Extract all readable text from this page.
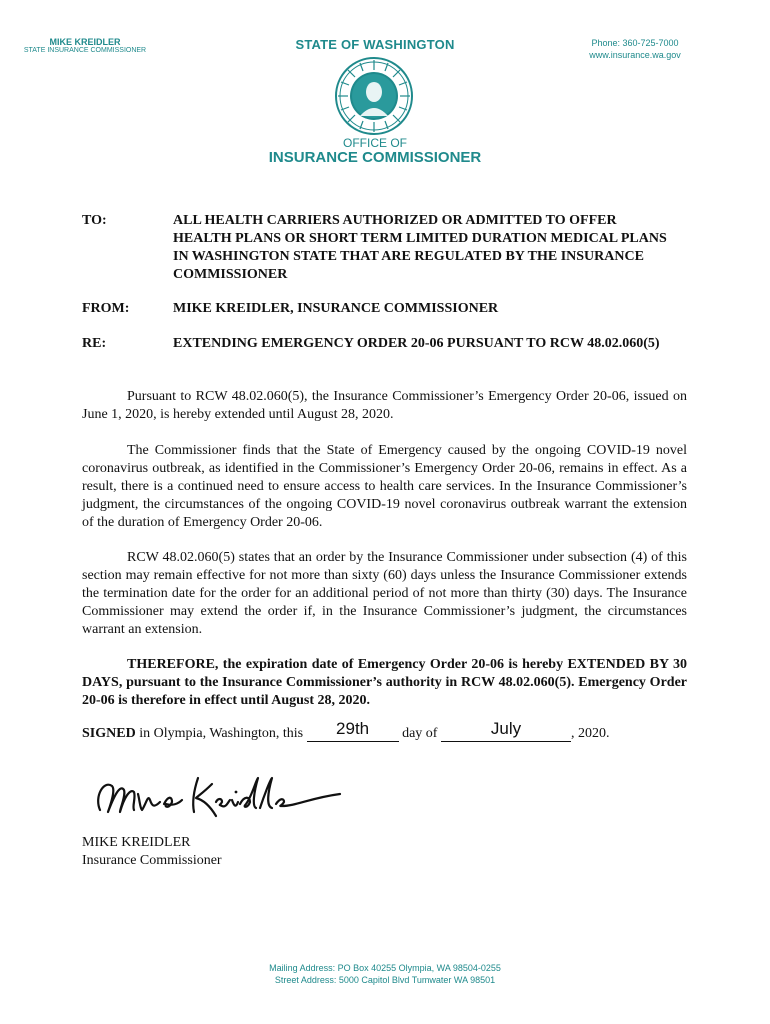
MIKE KREIDLER
STATE INSURANCE COMMISSIONER	STATE OF WASHINGTON	Phone: 360-725-7000
www.insurance.wa.gov
OFFICE OF
INSURANCE COMMISSIONER
TO:	ALL HEALTH CARRIERS AUTHORIZED OR ADMITTED TO OFFER HEALTH PLANS OR SHORT TERM LIMITED DURATION MEDICAL PLANS IN WASHINGTON STATE THAT ARE REGULATED BY THE INSURANCE COMMISSIONER
FROM:	MIKE KREIDLER, INSURANCE COMMISSIONER
RE:	EXTENDING EMERGENCY ORDER 20-06 PURSUANT TO RCW 48.02.060(5)

Pursuant to RCW 48.02.060(5), the Insurance Commissioner’s Emergency Order 20-06, issued on June 1, 2020, is hereby extended until August 28, 2020.

The Commissioner finds that the State of Emergency caused by the ongoing COVID-19 novel coronavirus outbreak, as identified in the Commissioner’s Emergency Order 20-06, remains in effect. As a result, there is a continued need to ensure access to health care services. In the Insurance Commissioner’s judgment, the circumstances of the ongoing COVID-19 novel coronavirus outbreak warrant the extension of the duration of Emergency Order 20-06.

RCW 48.02.060(5) states that an order by the Insurance Commissioner under subsection (4) of this section may remain effective for not more than sixty (60) days unless the Insurance Commissioner extends the termination date for the order for an additional period of not more than thirty (30) days. The Insurance Commissioner may extend the order if, in the Insurance Commissioner’s judgment, the circumstances warrant an extension.

THEREFORE, the expiration date of Emergency Order 20-06 is hereby EXTENDED BY 30 DAYS, pursuant to the Insurance Commissioner’s authority in RCW 48.02.060(5). Emergency Order 20-06 is therefore in effect until August 28, 2020.

SIGNED in Olympia, Washington, this	29th	day of	July	, 2020.
MIKE KREIDLER
Insurance Commissioner
Mailing Address: PO Box 40255 Olympia, WA 98504-0255
Street Address: 5000 Capitol Blvd Tumwater WA 98501
